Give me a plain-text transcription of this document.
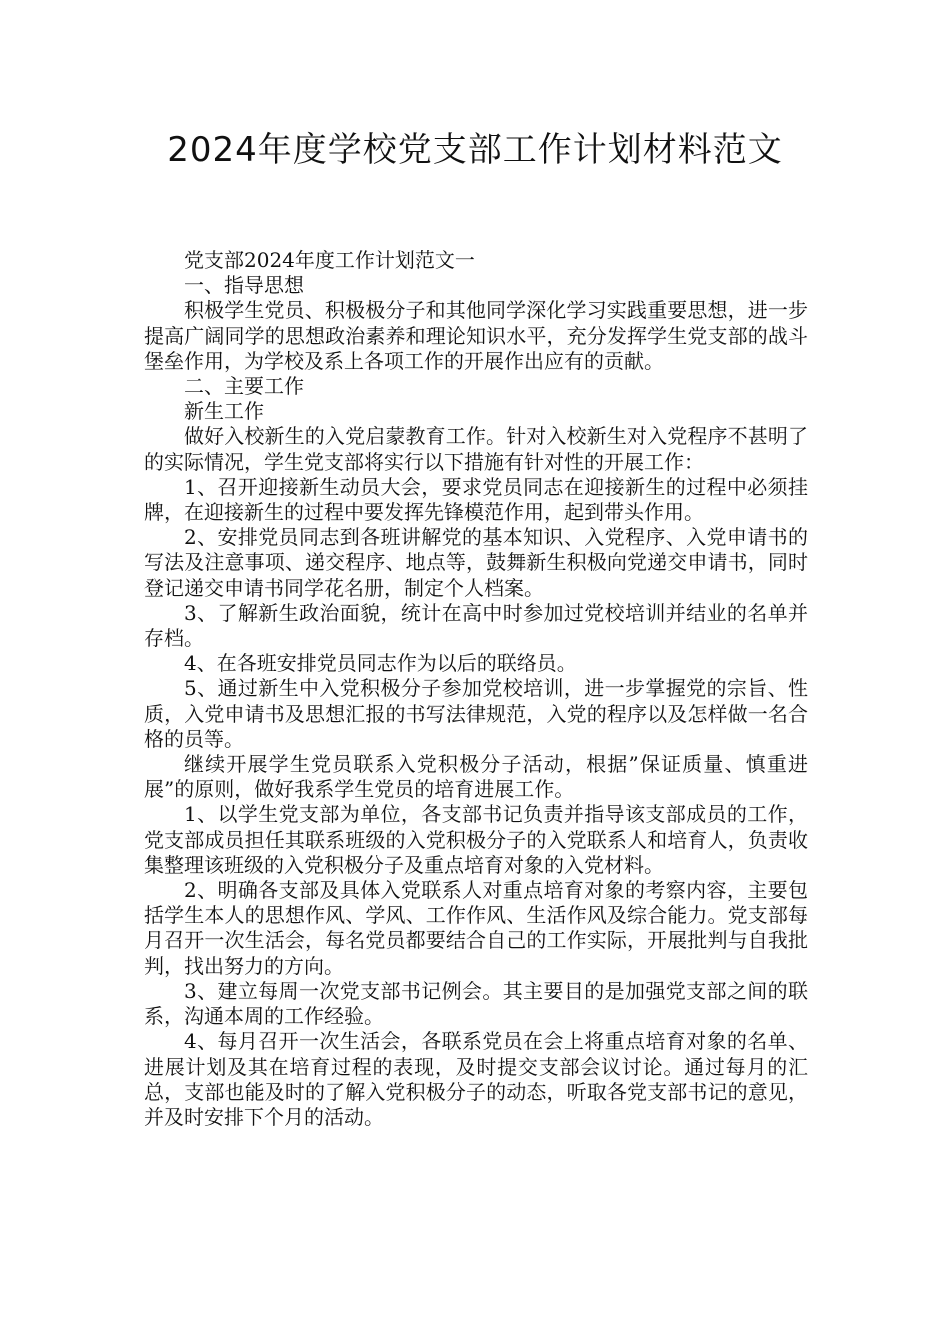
2024年度学校党支部工作计划材料范文

党支部2024年度工作计划范文一

一、指导思想

积极学生党员、积极极分子和其他同学深化学习实践重要思想，进一步提高广阔同学的思想政治素养和理论知识水平，充分发挥学生党支部的战斗堡垒作用，为学校及系上各项工作的开展作出应有的贡献。

二、主要工作

新生工作

做好入校新生的入党启蒙教育工作。针对入校新生对入党程序不甚明了的实际情况，学生党支部将实行以下措施有针对性的开展工作：

1、召开迎接新生动员大会，要求党员同志在迎接新生的过程中必须挂牌，在迎接新生的过程中要发挥先锋模范作用，起到带头作用。

2、安排党员同志到各班讲解党的基本知识、入党程序、入党申请书的写法及注意事项、递交程序、地点等，鼓舞新生积极向党递交申请书，同时登记递交申请书同学花名册，制定个人档案。

3、了解新生政治面貌，统计在高中时参加过党校培训并结业的名单并存档。

4、在各班安排党员同志作为以后的联络员。

5、通过新生中入党积极分子参加党校培训，进一步掌握党的宗旨、性质，入党申请书及思想汇报的书写法律规范，入党的程序以及怎样做一名合格的员等。

继续开展学生党员联系入党积极分子活动，根据”保证质量、慎重进展”的原则，做好我系学生党员的培育进展工作。

1、以学生党支部为单位，各支部书记负责并指导该支部成员的工作，党支部成员担任其联系班级的入党积极分子的入党联系人和培育人，负责收集整理该班级的入党积极分子及重点培育对象的入党材料。

2、明确各支部及具体入党联系人对重点培育对象的考察内容，主要包括学生本人的思想作风、学风、工作作风、生活作风及综合能力。党支部每月召开一次生活会，每名党员都要结合自己的工作实际，开展批判与自我批判，找出努力的方向。

3、建立每周一次党支部书记例会。其主要目的是加强党支部之间的联系，沟通本周的工作经验。

4、每月召开一次生活会，各联系党员在会上将重点培育对象的名单、进展计划及其在培育过程的表现，及时提交支部会议讨论。通过每月的汇总，支部也能及时的了解入党积极分子的动态，听取各党支部书记的意见，并及时安排下个月的活动。
